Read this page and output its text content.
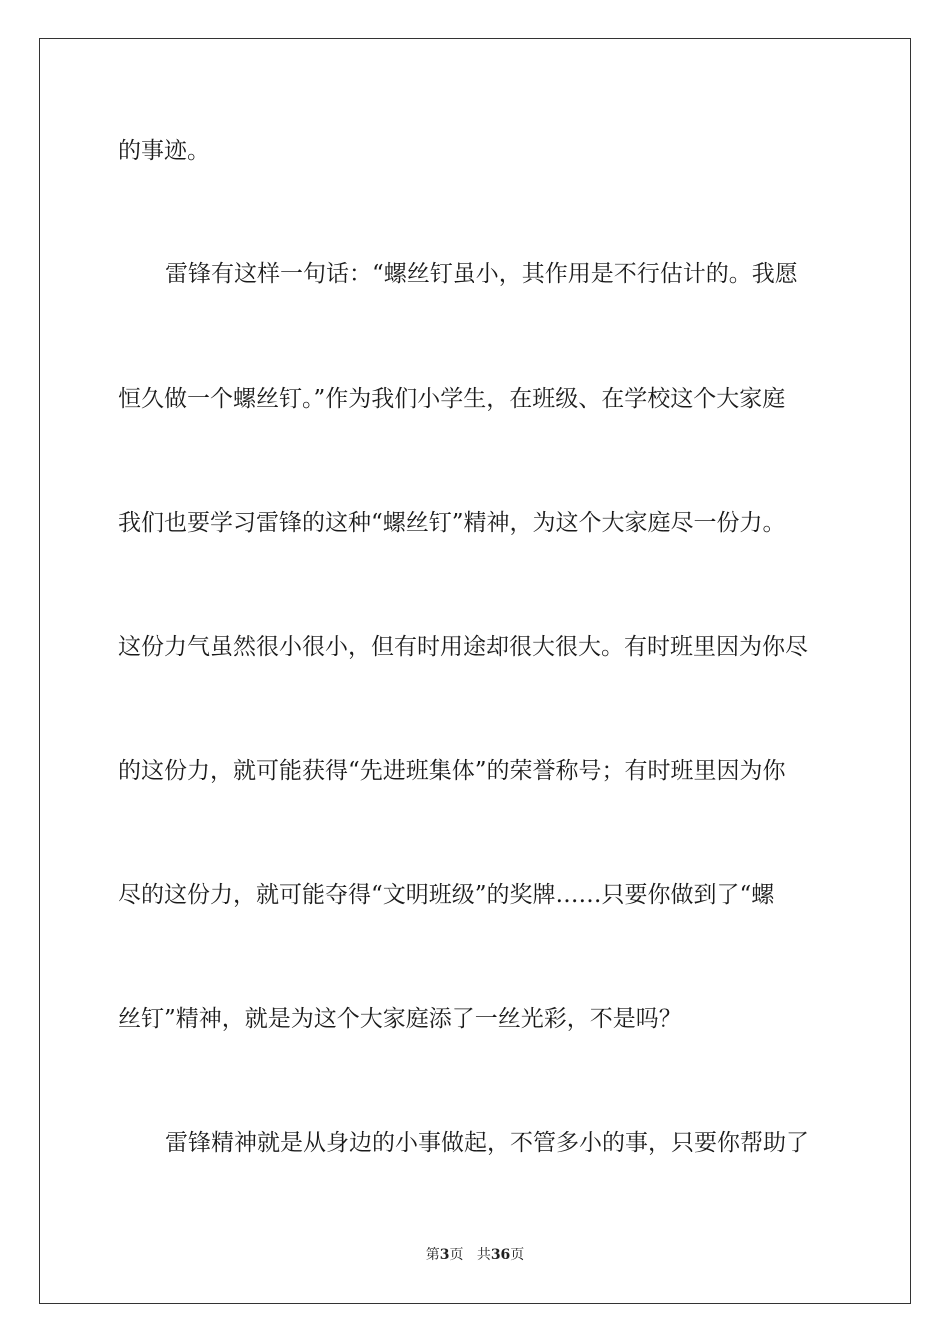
的事迹。
雷锋有这样一句话：“螺丝钉虽小，其作用是不行估计的。我愿
恒久做一个螺丝钉。”作为我们小学生，在班级、在学校这个大家庭
我们也要学习雷锋的这种“螺丝钉”精神，为这个大家庭尽一份力。
这份力气虽然很小很小，但有时用途却很大很大。有时班里因为你尽
的这份力，就可能获得“先进班集体”的荣誉称号；有时班里因为你
尽的这份力，就可能夺得“文明班级”的奖牌……只要你做到了“螺
丝钉”精神，就是为这个大家庭添了一丝光彩，不是吗？
雷锋精神就是从身边的小事做起，不管多小的事，只要你帮助了
第3页 共36页
